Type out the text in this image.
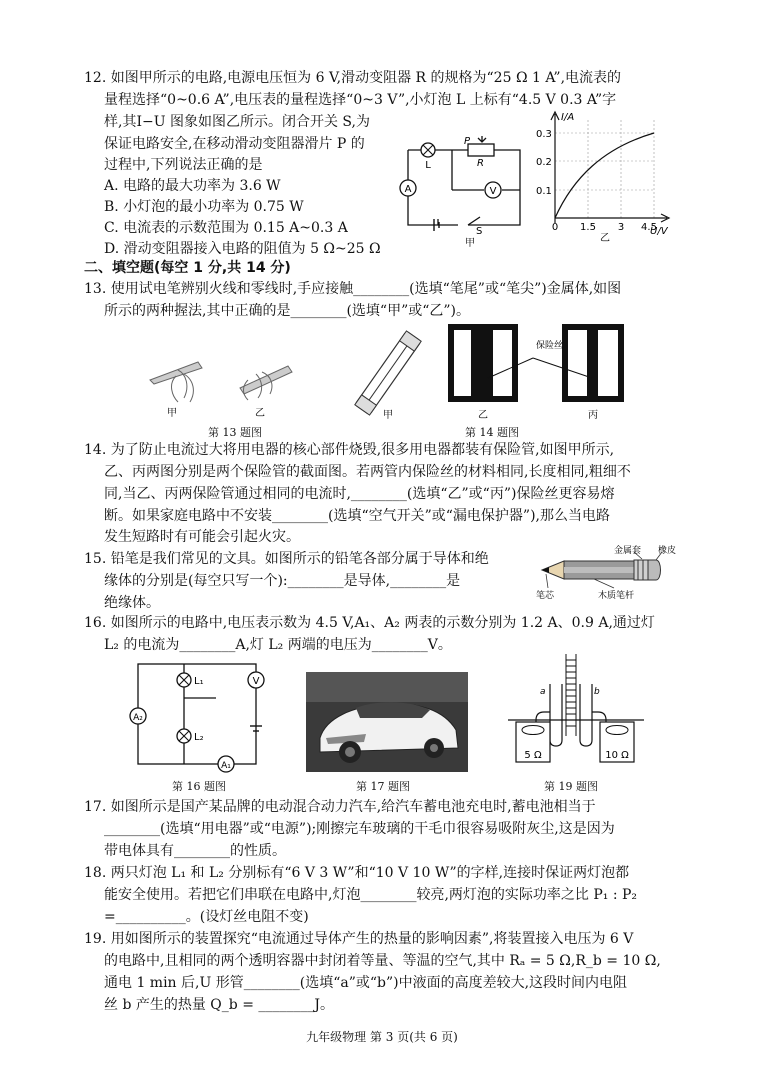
12. 如图甲所示的电路,电源电压恒为 6 V,滑动变阻器 R 的规格为“25 Ω 1 A”,电流表的
量程选择“0~0.6 A”,电压表的量程选择“0~3 V”,小灯泡 L 上标有“4.5 V 0.3 A”字
样,其I−U 图象如图乙所示。闭合开关 S,为
保证电路安全,在移动滑动变阻器滑片 P 的
过程中,下列说法正确的是
A. 电路的最大功率为 3.6 W
B. 小灯泡的最小功率为 0.75 W
C. 电流表的示数范围为 0.15 A~0.3 A
D. 滑动变阻器接入电路的阻值为 5 Ω~25 Ω
A	V
L
P
R
S
甲
I/A
U/V
0.3
0.2
0.1
0 1.5 3 4.5
乙
二、填空题(每空 1 分,共 14 分)
13. 使用试电笔辨别火线和零线时,手应接触________(选填“笔尾”或“笔尖”)金属体,如图
所示的两种握法,其中正确的是________(选填“甲”或“乙”)。
甲	乙
第 13 题图
保险丝
甲	乙	丙
第 14 题图
14. 为了防止电流过大将用电器的核心部件烧毁,很多用电器都装有保险管,如图甲所示,
乙、丙两图分别是两个保险管的截面图。若两管内保险丝的材料相同,长度相同,粗细不
同,当乙、丙两保险管通过相同的电流时,________(选填“乙”或“丙”)保险丝更容易熔
断。如果家庭电路中不安装________(选填“空气开关”或“漏电保护器”),那么当电路
发生短路时有可能会引起火灾。
15. 铅笔是我们常见的文具。如图所示的铅笔各部分属于导体和绝
缘体的分别是(每空只写一个):________是导体,________是
绝缘体。
金属套 橡皮
笔芯	木质笔杆
16. 如图所示的电路中,电压表示数为 4.5 V,A₁、A₂ 两表的示数分别为 1.2 A、0.9 A,通过灯
L₂ 的电流为________A,灯 L₂ 两端的电压为________V。
V
A₂
A₁
L₁
L₂
第 16 题图	第 17 题图
a	b
5 Ω	10 Ω
第 19 题图
17. 如图所示是国产某品牌的电动混合动力汽车,给汽车蓄电池充电时,蓄电池相当于
________(选填“用电器”或“电源”);刚擦完车玻璃的干毛巾很容易吸附灰尘,这是因为
带电体具有________的性质。
18. 两只灯泡 L₁ 和 L₂ 分别标有“6 V 3 W”和“10 V 10 W”的字样,连接时保证两灯泡都
能安全使用。若把它们串联在电路中,灯泡________较亮,两灯泡的实际功率之比 P₁ : P₂
=__________。(设灯丝电阻不变)
19. 用如图所示的装置探究“电流通过导体产生的热量的影响因素”,将装置接入电压为 6 V
的电路中,且相同的两个透明容器中封闭着等量、等温的空气,其中 Rₐ = 5 Ω,R_b = 10 Ω,
通电 1 min 后,U 形管________(选填“a”或“b”)中液面的高度差较大,这段时间内电阻
丝 b 产生的热量 Q_b = ________J。
九年级物理 第 3 页(共 6 页)
